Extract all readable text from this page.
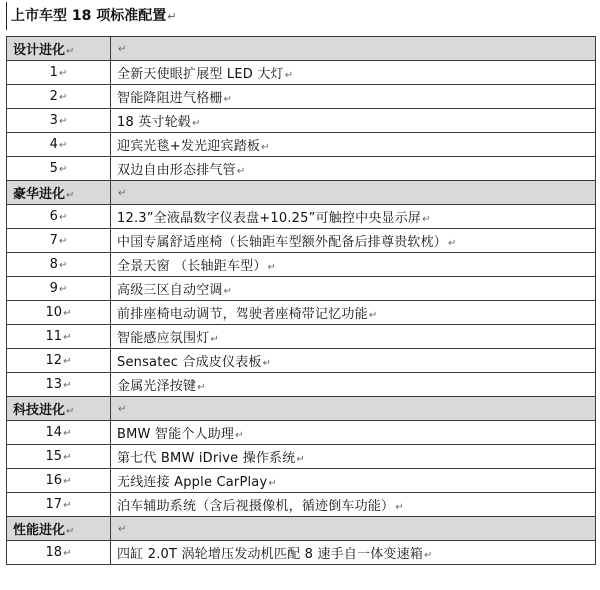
上市车型 18 项标准配置↵
设计进化↵	↵
1↵	全新天使眼扩展型 LED 大灯↵
2↵	智能降阻进气格栅↵
3↵	18 英寸轮毂↵
4↵	迎宾光毯+发光迎宾踏板↵
5↵	双边自由形态排气管↵
豪华进化↵	↵
6↵	12.3”全液晶数字仪表盘+10.25”可触控中央显示屏↵
7↵	中国专属舒适座椅（长轴距车型额外配备后排尊贵软枕）↵
8↵	全景天窗 （长轴距车型）↵
9↵	高级三区自动空调↵
10↵	前排座椅电动调节，驾驶者座椅带记忆功能↵
11↵	智能感应氛围灯↵
12↵	Sensatec 合成皮仪表板↵
13↵	金属光泽按键↵
科技进化↵	↵
14↵	BMW 智能个人助理↵
15↵	第七代 BMW iDrive 操作系统↵
16↵	无线连接 Apple CarPlay↵
17↵	泊车辅助系统（含后视摄像机，循迹倒车功能）↵
性能进化↵	↵
18↵	四缸 2.0T 涡轮增压发动机匹配 8 速手自一体变速箱↵
